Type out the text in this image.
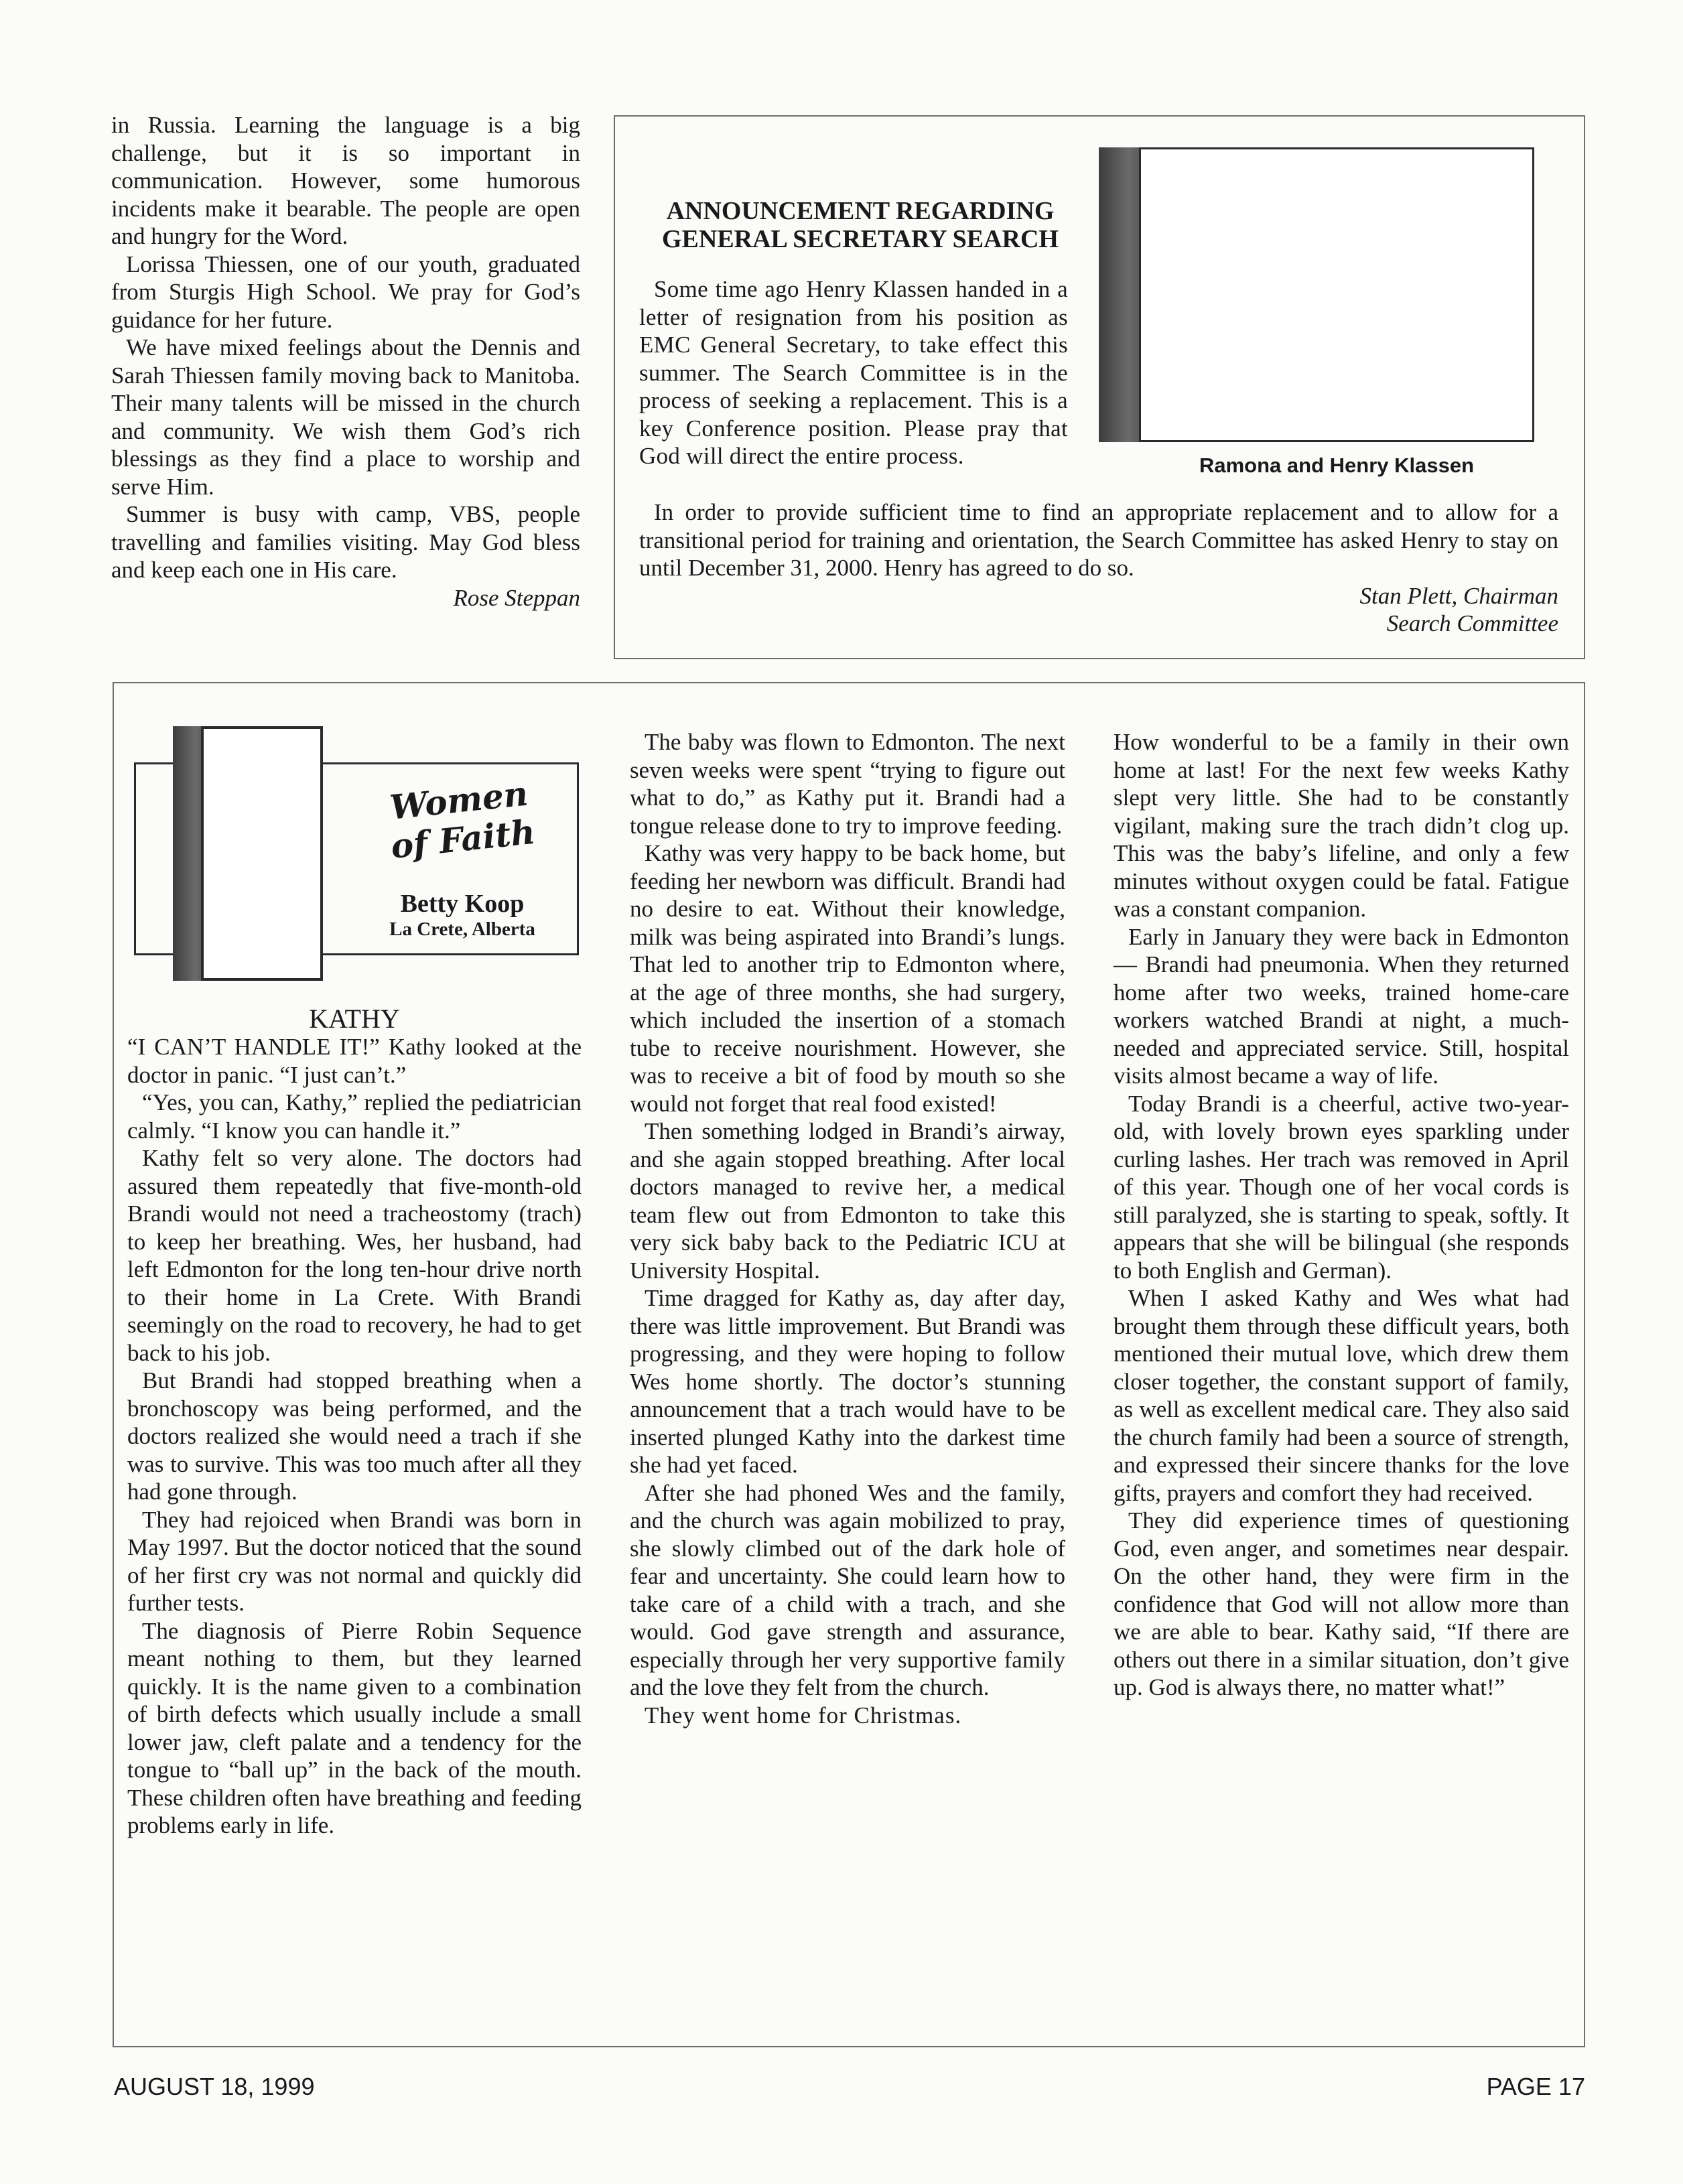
in Russia. Learning the language is a big challenge, but it is so important in communication. However, some humorous incidents make it bearable. The people are open and hungry for the Word.

Lorissa Thiessen, one of our youth, graduated from Sturgis High School. We pray for God’s guidance for her future.

We have mixed feelings about the Dennis and Sarah Thiessen family moving back to Manitoba. Their many talents will be missed in the church and community. We wish them God’s rich blessings as they find a place to worship and serve Him.

Summer is busy with camp, VBS, people travelling and families visiting. May God bless and keep each one in His care.

Rose Steppan

ANNOUNCEMENT REGARDING

GENERAL SECRETARY SEARCH

Some time ago Henry Klassen handed in a letter of resignation from his position as EMC General Secretary, to take effect this summer. The Search Committee is in the process of seeking a replacement. This is a key Conference position. Please pray that God will direct the entire process.

In order to provide sufficient time to find an appropriate replacement and to allow for a transitional period for training and orientation, the Search Committee has asked Henry to stay on until December 31, 2000. Henry has agreed to do so.

Stan Plett, Chairman

Search Committee

Ramona and Henry Klassen
Women
of Faith
Betty Koop
La Crete, Alberta

KATHY

“I CAN’T HANDLE IT!” Kathy looked at the doctor in panic. “I just can’t.”

“Yes, you can, Kathy,” replied the pediatrician calmly. “I know you can handle it.”

Kathy felt so very alone. The doctors had assured them repeatedly that five-month-old Brandi would not need a tracheostomy (trach) to keep her breathing. Wes, her husband, had left Edmonton for the long ten-hour drive north to their home in La Crete. With Brandi seemingly on the road to recovery, he had to get back to his job.

But Brandi had stopped breathing when a bronchoscopy was being performed, and the doctors realized she would need a trach if she was to survive. This was too much after all they had gone through.

They had rejoiced when Brandi was born in May 1997. But the doctor noticed that the sound of her first cry was not normal and quickly did further tests.

The diagnosis of Pierre Robin Sequence meant nothing to them, but they learned quickly. It is the name given to a combination of birth defects which usually include a small lower jaw, cleft palate and a tendency for the tongue to “ball up” in the back of the mouth. These children often have breathing and feeding problems early in life.

The baby was flown to Edmonton. The next seven weeks were spent “trying to figure out what to do,” as Kathy put it. Brandi had a tongue release done to try to improve feeding.

Kathy was very happy to be back home, but feeding her newborn was difficult. Brandi had no desire to eat. Without their knowledge, milk was being aspirated into Brandi’s lungs. That led to another trip to Edmonton where, at the age of three months, she had surgery, which included the insertion of a stomach tube to receive nourishment. However, she was to receive a bit of food by mouth so she would not forget that real food existed!

Then something lodged in Brandi’s airway, and she again stopped breathing. After local doctors managed to revive her, a medical team flew out from Edmonton to take this very sick baby back to the Pediatric ICU at University Hospital.

Time dragged for Kathy as, day after day, there was little improvement. But Brandi was progressing, and they were hoping to follow Wes home shortly. The doctor’s stunning announcement that a trach would have to be inserted plunged Kathy into the darkest time she had yet faced.

After she had phoned Wes and the family, and the church was again mobilized to pray, she slowly climbed out of the dark hole of fear and uncertainty. She could learn how to take care of a child with a trach, and she would. God gave strength and assurance, especially through her very supportive family and the love they felt from the church.

They went home for Christmas.

How wonderful to be a family in their own home at last! For the next few weeks Kathy slept very little. She had to be constantly vigilant, making sure the trach didn’t clog up. This was the baby’s lifeline, and only a few minutes without oxygen could be fatal. Fatigue was a constant companion.

Early in January they were back in Edmonton — Brandi had pneumonia. When they returned home after two weeks, trained home-care workers watched Brandi at night, a much-needed and appreciated service. Still, hospital visits almost became a way of life.

Today Brandi is a cheerful, active two-year-old, with lovely brown eyes sparkling under curling lashes. Her trach was removed in April of this year. Though one of her vocal cords is still paralyzed, she is starting to speak, softly. It appears that she will be bilingual (she responds to both English and German).

When I asked Kathy and Wes what had brought them through these difficult years, both mentioned their mutual love, which drew them closer together, the constant support of family, as well as excellent medical care. They also said the church family had been a source of strength, and expressed their sincere thanks for the love gifts, prayers and comfort they had received.

They did experience times of questioning God, even anger, and sometimes near despair. On the other hand, they were firm in the confidence that God will not allow more than we are able to bear. Kathy said, “If there are others out there in a similar situation, don’t give up. God is always there, no matter what!”

AUGUST 18, 1999	PAGE 17
